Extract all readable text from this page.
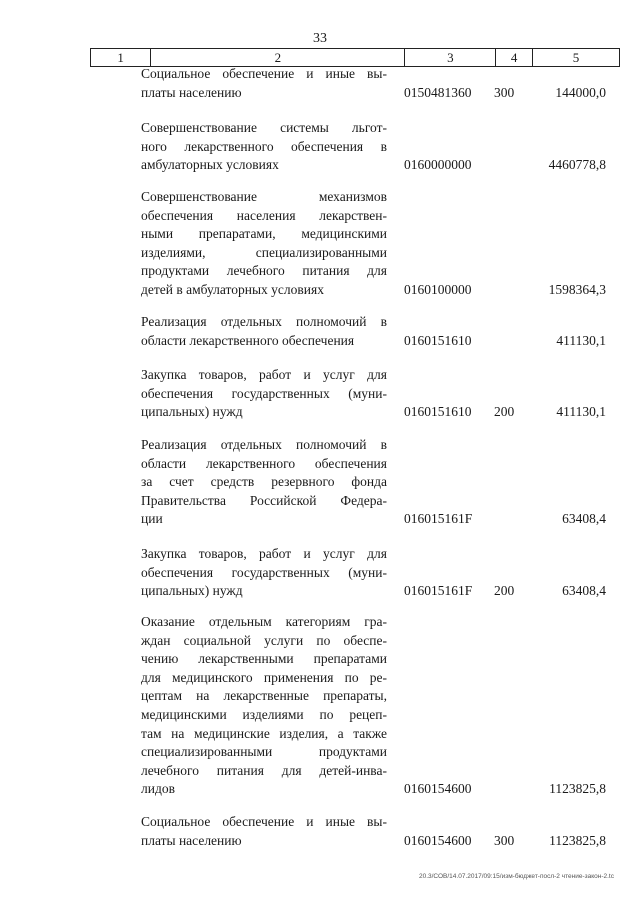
33
1	2	3	4	5
Социальное обеспечение и иные вы-
платы населению	0150481360 300	144000,0
Совершенствование системы льгот-
ного лекарственного обеспечения в
амбулаторных условиях	0160000000	4460778,8
Совершенствование механизмов
обеспечения населения лекарствен-
ными препаратами, медицинскими
изделиями, специализированными
продуктами лечебного питания для
детей в амбулаторных условиях	0160100000	1598364,3
Реализация отдельных полномочий в
области лекарственного обеспечения	0160151610	411130,1
Закупка товаров, работ и услуг для
обеспечения государственных (муни-
ципальных) нужд	0160151610 200	411130,1
Реализация отдельных полномочий в
области лекарственного обеспечения
за счет средств резервного фонда
Правительства Российской Федера-
ции	016015161F	63408,4
Закупка товаров, работ и услуг для
обеспечения государственных (муни-
ципальных) нужд	016015161F 200	63408,4
Оказание отдельным категориям гра-
ждан социальной услуги по обеспе-
чению лекарственными препаратами
для медицинского применения по ре-
цептам на лекарственные препараты,
медицинскими изделиями по рецеп-
там на медицинские изделия, а также
специализированными продуктами
лечебного питания для детей-инва-
лидов	0160154600	1123825,8
Социальное обеспечение и иные вы-
платы населению	0160154600 300	1123825,8
20.3/СОВ/14.07.2017/09:15/изм-бюджет-посл-2 чтение-закон-2.tc
